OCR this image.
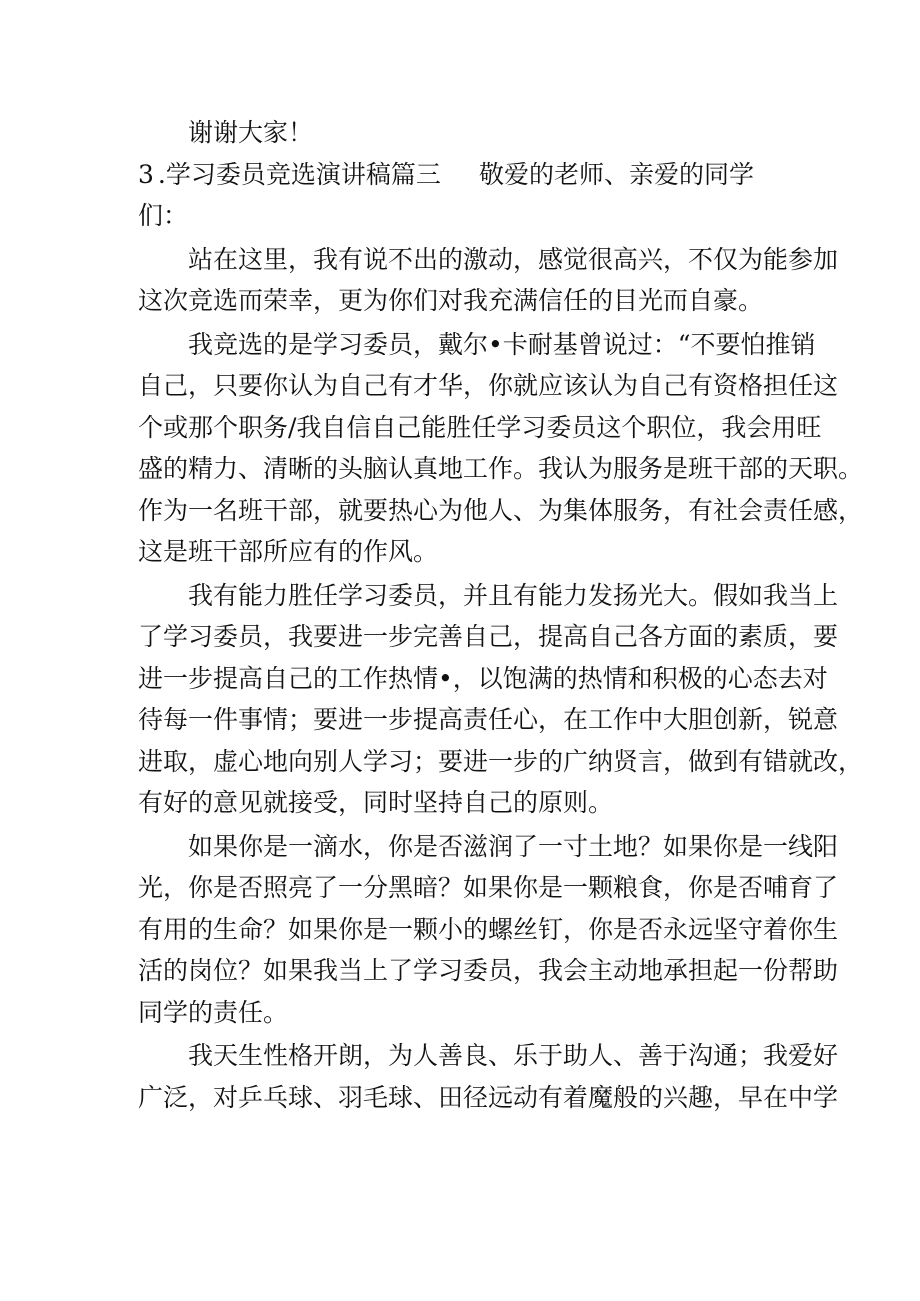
谢谢大家！
3.学习委员竞选演讲稿篇三 敬爱的老师、亲爱的同学
们：
站在这里，我有说不出的激动，感觉很高兴，不仅为能参加
这次竞选而荣幸，更为你们对我充满信任的目光而自豪。
我竞选的是学习委员，戴尔•卡耐基曾说过：“不要怕推销
自己，只要你认为自己有才华，你就应该认为自己有资格担任这
个或那个职务/我自信自己能胜任学习委员这个职位，我会用旺
盛的精力、清晰的头脑认真地工作。我认为服务是班干部的天职。
作为一名班干部，就要热心为他人、为集体服务，有社会责任感，
这是班干部所应有的作风。
我有能力胜任学习委员，并且有能力发扬光大。假如我当上
了学习委员，我要进一步完善自己，提高自己各方面的素质，要
进一步提高自己的工作热情•，以饱满的热情和积极的心态去对
待每一件事情；要进一步提高责任心，在工作中大胆创新，锐意
进取，虚心地向别人学习；要进一步的广纳贤言，做到有错就改，
有好的意见就接受，同时坚持自己的原则。
如果你是一滴水，你是否滋润了一寸土地？如果你是一线阳
光，你是否照亮了一分黑暗？如果你是一颗粮食，你是否哺育了
有用的生命？如果你是一颗小的螺丝钉，你是否永远坚守着你生
活的岗位？如果我当上了学习委员，我会主动地承担起一份帮助
同学的责任。
我天生性格开朗，为人善良、乐于助人、善于沟通；我爱好
广泛，对乒乓球、羽毛球、田径远动有着魔般的兴趣，早在中学
